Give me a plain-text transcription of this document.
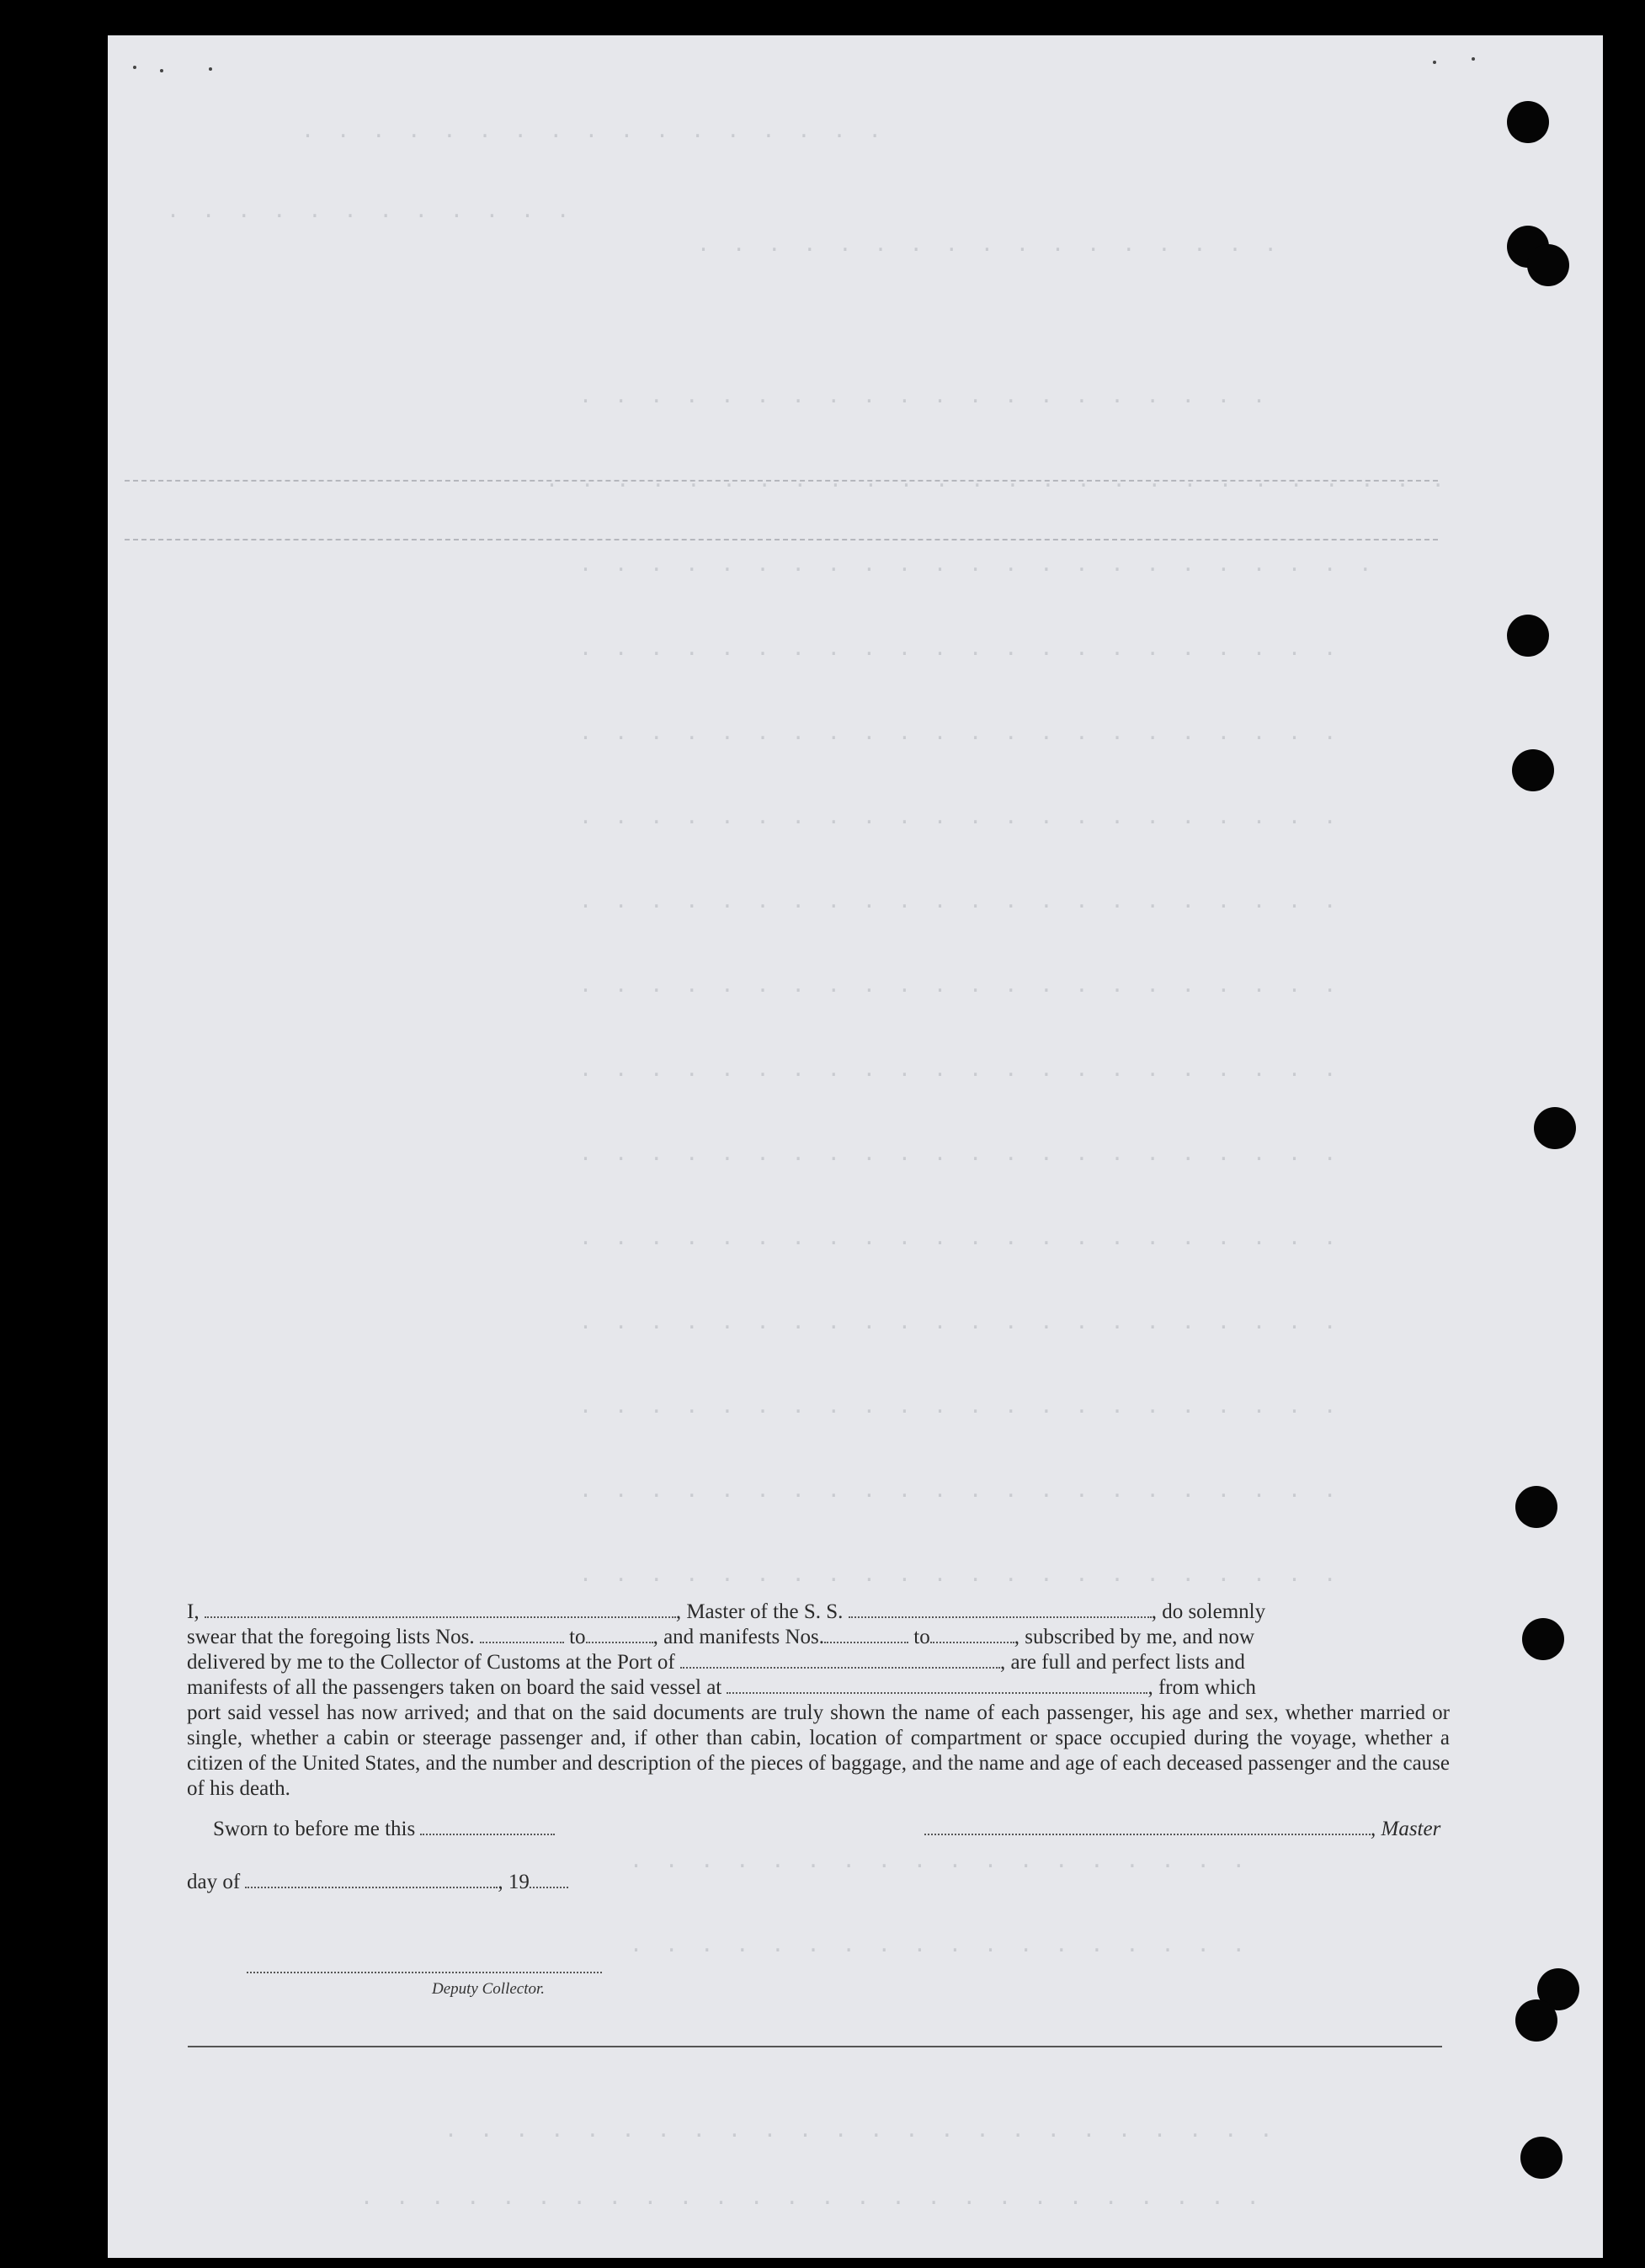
· · · · · · · · · · · · · · · · ·
· · · · · · · · · · · ·
· · · · · · · · · · · · · · · · ·
· · · · · · · · · · · · · · · · · · · ·
· · · · · · · · · · · · · · · · · · · · · · · · · ·
· · · · · · · · · · · · · · · · · · · · · · ·
· · · · · · · · · · · · · · · · · · · · · ·
· · · · · · · · · · · · · · · · · · · · · ·
· · · · · · · · · · · · · · · · · · · · · ·
· · · · · · · · · · · · · · · · · · · · · ·
· · · · · · · · · · · · · · · · · · · · · ·
· · · · · · · · · · · · · · · · · · · · · ·
· · · · · · · · · · · · · · · · · · · · · ·
· · · · · · · · · · · · · · · · · · · · · ·
· · · · · · · · · · · · · · · · · · · · · ·
· · · · · · · · · · · · · · · · · · · · · ·
· · · · · · · · · · · · · · · · · · · · · ·
· · · · · · · · · · · · · · · · · · · · · ·
· · · · · · · · · · · · · · · · · ·
· · · · · · · · · · · · · · · · · ·
· · · · · · · · · · · · · · · · · · · · · · · ·
· · · · · · · · · · · · · · · · · · · · · · · · · ·

I,	, Master of the S. S.	, do solemnly

swear that the foregoing lists Nos.	to	, and manifests Nos.	to	, subscribed by me, and now

delivered by me to the Collector of Customs at the Port of	, are full and perfect lists and

manifests of all the passengers taken on board the said vessel at	, from which

port said vessel has now arrived; and that on the said documents are truly shown the name of each passenger, his age and sex, whether married or single, whether a cabin or steerage passenger and, if other than cabin, location of compartment or space occupied during the voyage, whether a citizen of the United States, and the number and description of the pieces of baggage, and the name and age of each deceased passenger and the cause of his death.

Sworn to before me this	, Master
day of	, 19
Deputy Collector.
